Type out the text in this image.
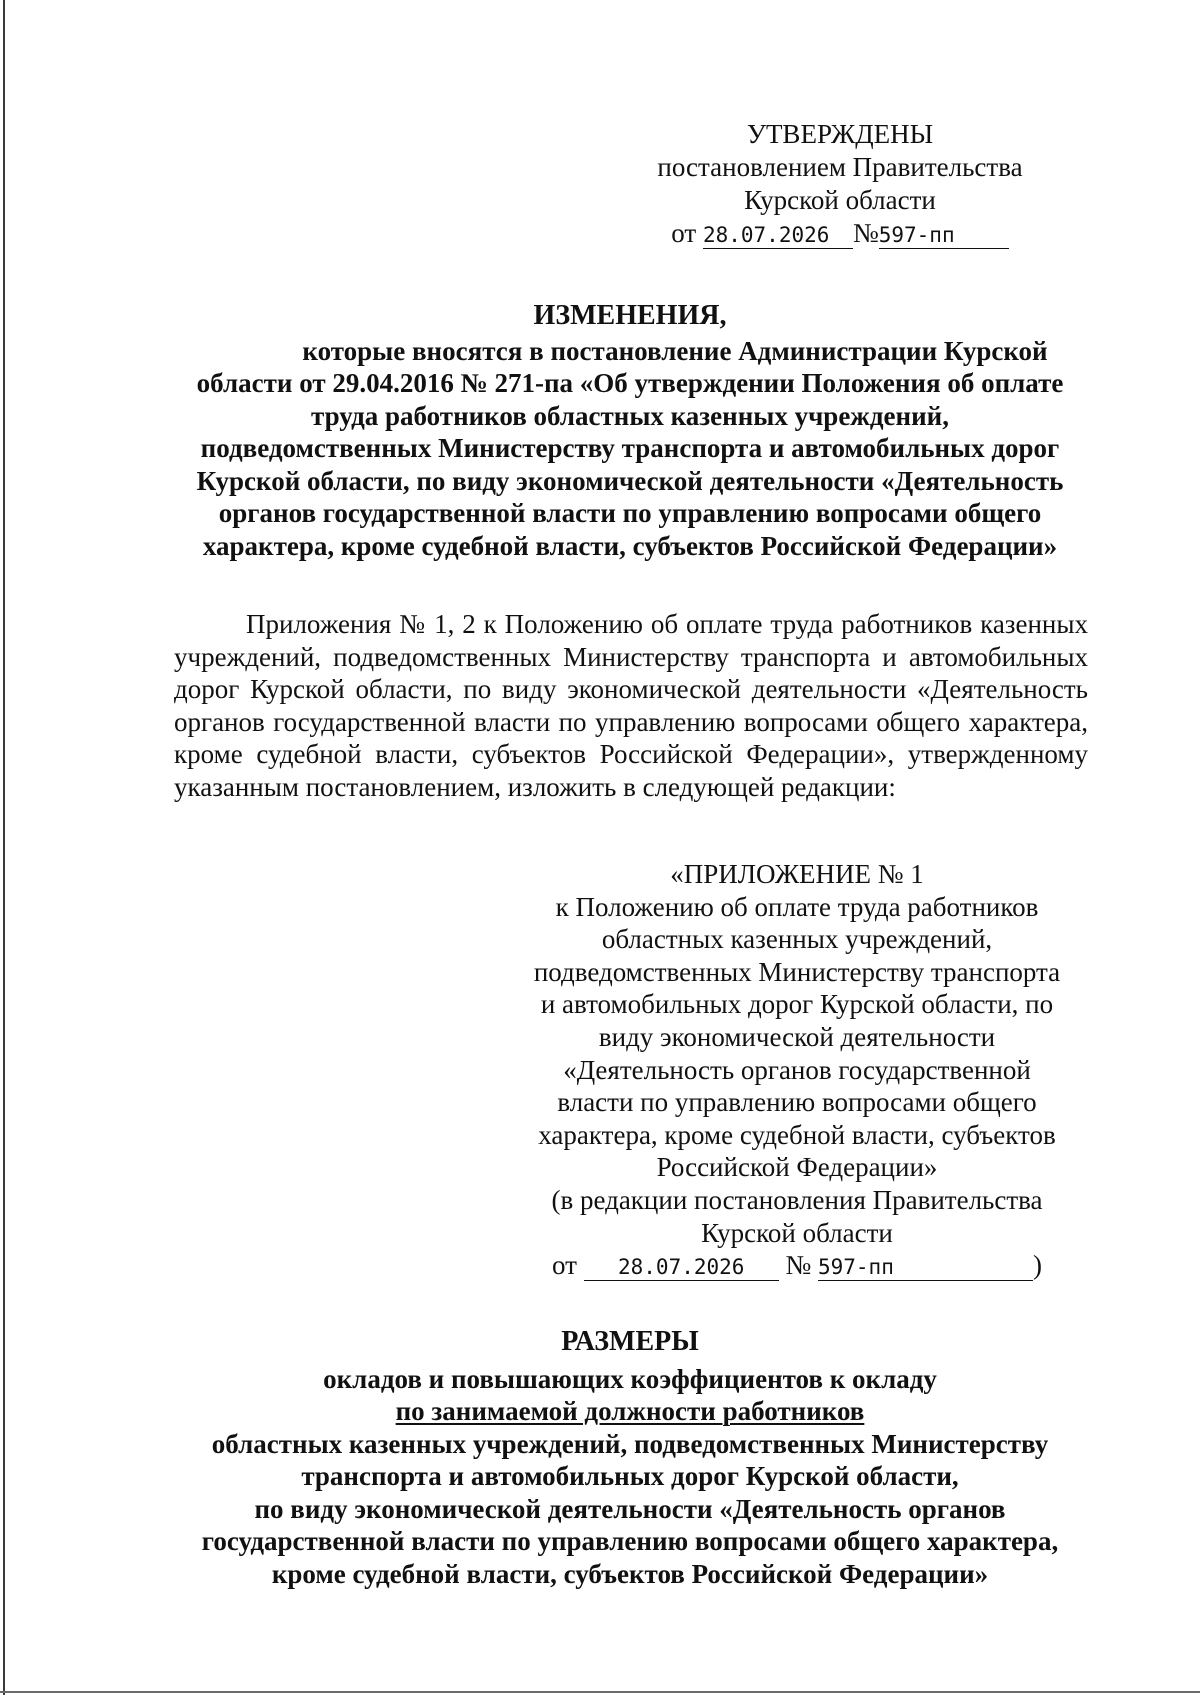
УТВЕРЖДЕНЫ
постановлением Правительства
Курской области
от 28.07.2026 №597-пп
ИЗМЕНЕНИЯ,
которые вносятся в постановление Администрации Курской
области от 29.04.2016 № 271-па «Об утверждении Положения об оплате
труда работников областных казенных учреждений,
подведомственных Министерству транспорта и автомобильных дорог
Курской области, по виду экономической деятельности «Деятельность
органов государственной власти по управлению вопросами общего
характера, кроме судебной власти, субъектов Российской Федерации»
Приложения № 1, 2 к Положению об оплате труда работников казенных учреждений, подведомственных Министерству транспорта и автомобильных дорог Курской области, по виду экономической деятельности «Деятельность органов государственной власти по управлению вопросами общего характера, кроме судебной власти, субъектов Российской Федерации», утвержденному указанным постановлением, изложить в следующей редакции:
«ПРИЛОЖЕНИЕ № 1
к Положению об оплате труда работников
областных казенных учреждений,
подведомственных Министерству транспорта
и автомобильных дорог Курской области, по
виду экономической деятельности
«Деятельность органов государственной
власти по управлению вопросами общего
характера, кроме судебной власти, субъектов
Российской Федерации»
(в редакции постановления Правительства
Курской области
от 28.07.2026 № 597-пп	)
РАЗМЕРЫ
окладов и повышающих коэффициентов к окладу
по занимаемой должности работников
областных казенных учреждений, подведомственных Министерству
транспорта и автомобильных дорог Курской области,
по виду экономической деятельности «Деятельность органов
государственной власти по управлению вопросами общего характера,
кроме судебной власти, субъектов Российской Федерации»
